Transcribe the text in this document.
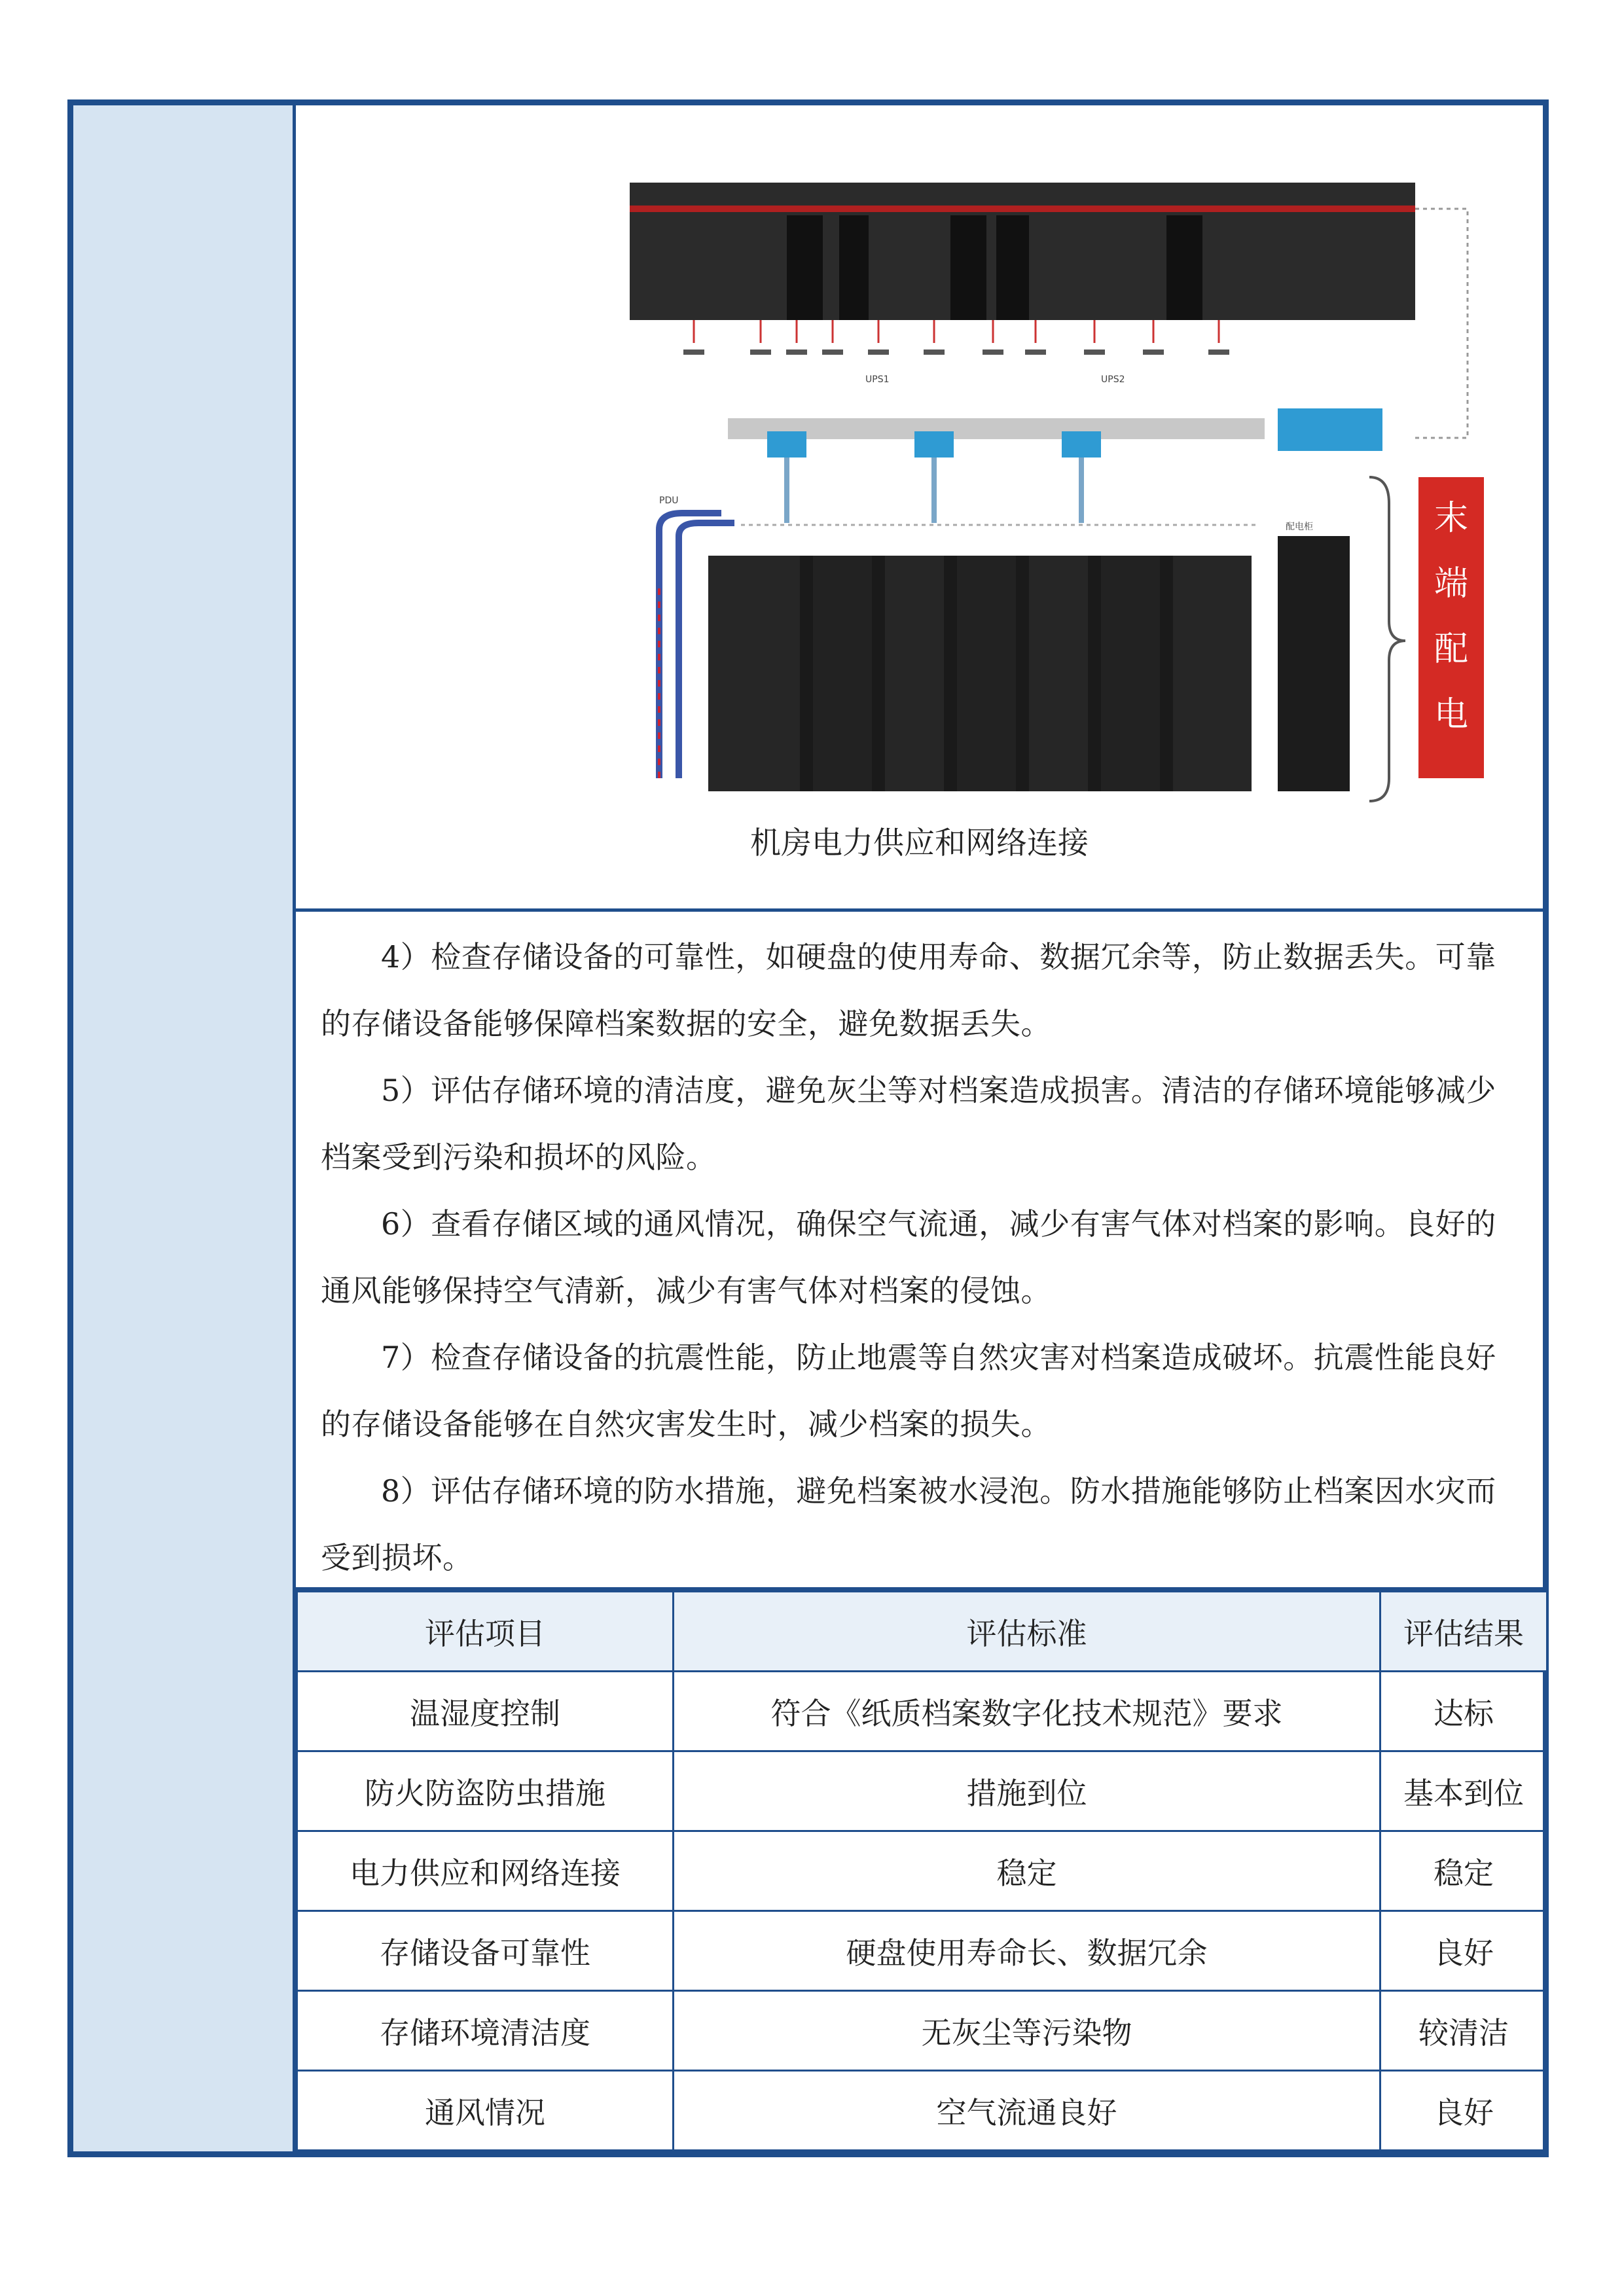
UPS1	UPS2
PDU
配电柜	末
端
配
电
机房电力供应和网络连接

4）检查存储设备的可靠性，如硬盘的使用寿命、数据冗余等，防止数据丢失。可靠的存储设备能够保障档案数据的安全，避免数据丢失。

5）评估存储环境的清洁度，避免灰尘等对档案造成损害。清洁的存储环境能够减少档案受到污染和损坏的风险。

6）查看存储区域的通风情况，确保空气流通，减少有害气体对档案的影响。良好的通风能够保持空气清新，减少有害气体对档案的侵蚀。

7）检查存储设备的抗震性能，防止地震等自然灾害对档案造成破坏。抗震性能良好的存储设备能够在自然灾害发生时，减少档案的损失。

8）评估存储环境的防水措施，避免档案被水浸泡。防水措施能够防止档案因水灾而受到损坏。

评估项目	评估标准	评估结果
温湿度控制	符合《纸质档案数字化技术规范》要求	达标
防火防盗防虫措施	措施到位	基本到位
电力供应和网络连接	稳定	稳定
存储设备可靠性	硬盘使用寿命长、数据冗余	良好
存储环境清洁度	无灰尘等污染物	较清洁
通风情况	空气流通良好	良好
